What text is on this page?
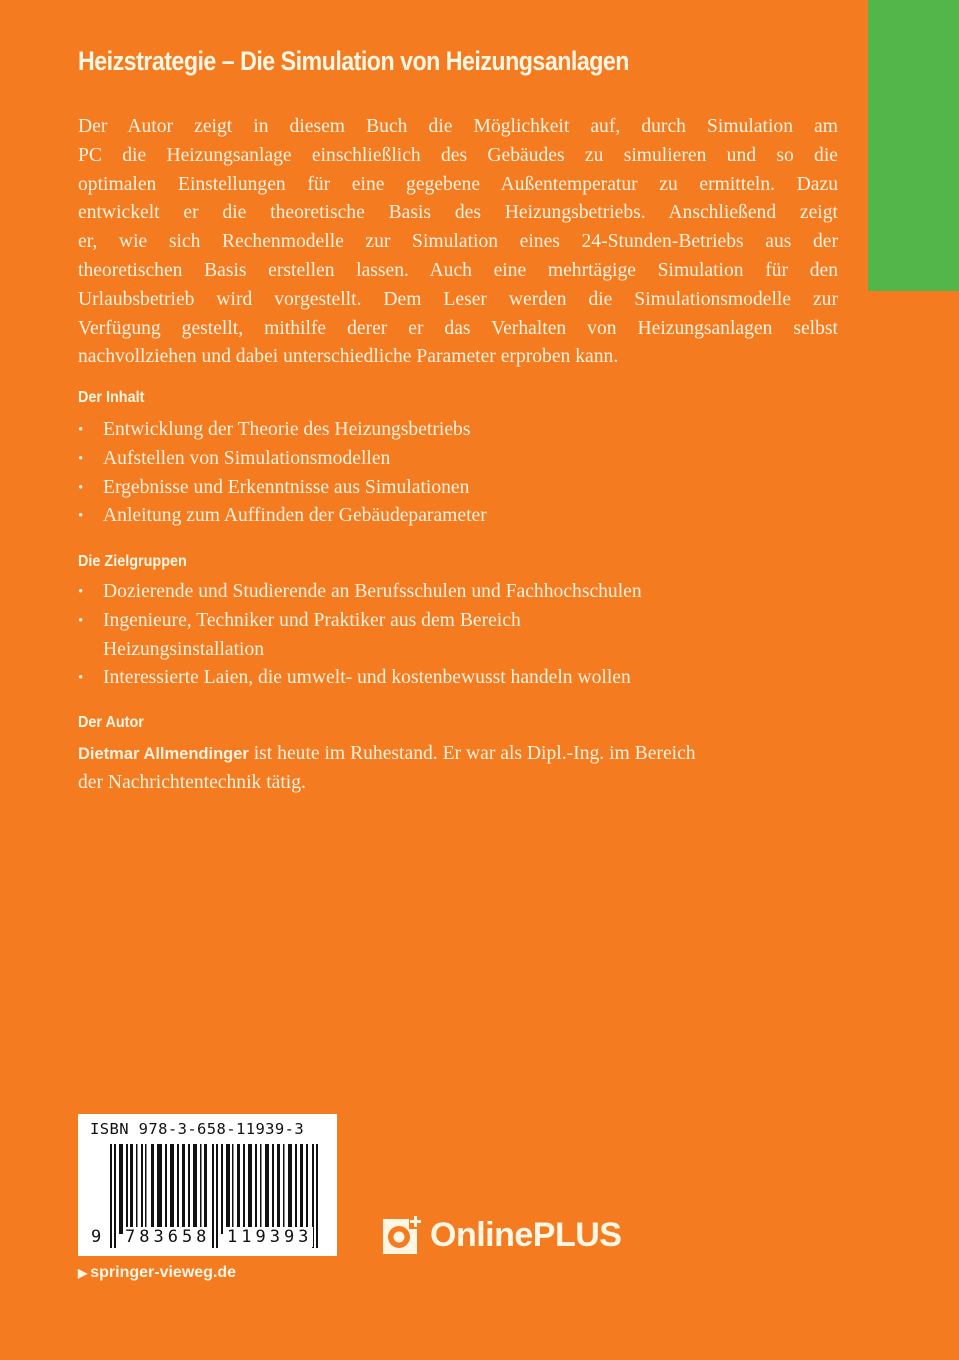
Heizstrategie – Die Simulation von Heizungsanlagen
Der Autor zeigt in diesem Buch die Möglichkeit auf, durch Simulation am
PC die Heizungsanlage einschließlich des Gebäudes zu simulieren und so die
optimalen Einstellungen für eine gegebene Außentemperatur zu ermitteln. Dazu
entwickelt er die theoretische Basis des Heizungsbetriebs. Anschließend zeigt
er, wie sich Rechenmodelle zur Simulation eines 24-Stunden-Betriebs aus der
theoretischen Basis erstellen lassen. Auch eine mehrtägige Simulation für den
Urlaubsbetrieb wird vorgestellt. Dem Leser werden die Simulationsmodelle zur
Verfügung gestellt, mithilfe derer er das Verhalten von Heizungsanlagen selbst
nachvollziehen und dabei unterschiedliche Parameter erproben kann.
Der Inhalt
• Entwicklung der Theorie des Heizungsbetriebs
• Aufstellen von Simulationsmodellen
• Ergebnisse und Erkenntnisse aus Simulationen
• Anleitung zum Auffinden der Gebäudeparameter
Die Zielgruppen
• Dozierende und Studierende an Berufsschulen und Fachhochschulen
• Ingenieure, Techniker und Praktiker aus dem Bereich
Heizungsinstallation
• Interessierte Laien, die umwelt- und kostenbewusst handeln wollen
Der Autor
Dietmar Allmendinger ist heute im Ruhestand. Er war als Dipl.-Ing. im Bereich
der Nachrichtentechnik tätig.
ISBN 978-3-658-11939-3
9 783658 119393
▶ springer-vieweg.de
OnlinePLUS
